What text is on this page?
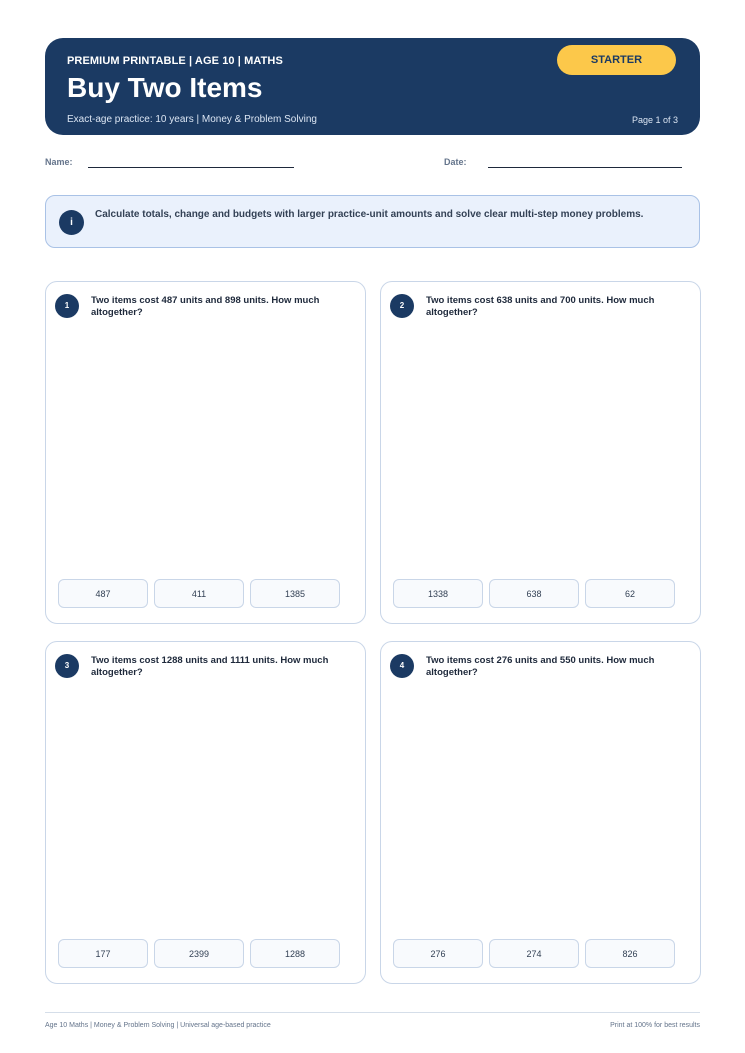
PREMIUM PRINTABLE | AGE 10 | MATHS
Buy Two Items
Exact-age practice: 10 years | Money & Problem Solving	Page 1 of 3
STARTER
Name:	Date:
i
Calculate totals, change and budgets with larger practice-unit amounts and solve clear multi-step money problems.
1	Two items cost 487 units and 898 units. How much altogether?
487	411	1385
2	Two items cost 638 units and 700 units. How much altogether?
1338	638	62
3	Two items cost 1288 units and 1111 units. How much altogether?
177	2399	1288
4	Two items cost 276 units and 550 units. How much altogether?
276	274	826
Age 10 Maths | Money & Problem Solving | Universal age-based practice	Print at 100% for best results
